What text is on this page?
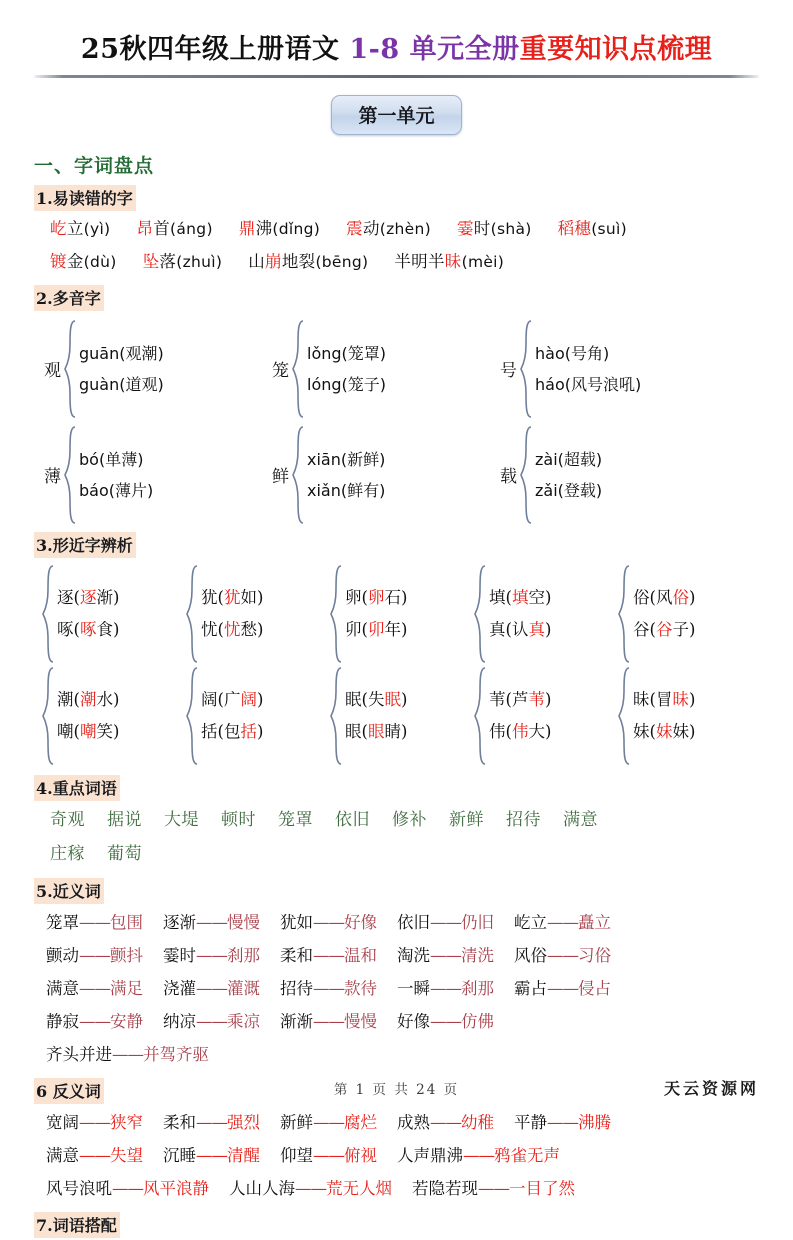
25秋四年级上册语文 1-8 单元全册重要知识点梳理
第一单元
一、字词盘点
1.易读错的字
屹立(yì) 昂首(áng) 鼎沸(dǐng) 震动(zhèn) 霎时(shà) 稻穗(suì)
镀金(dù) 坠落(zhuì) 山崩地裂(bēng) 半明半昧(mèi)
2.多音字
观
guān(观潮)
guàn(道观)
笼
lǒng(笼罩)
lóng(笼子)
号
hào(号角)
háo(风号浪吼)
薄
bó(单薄)
báo(薄片)
鲜
xiān(新鲜)
xiǎn(鲜有)
载
zài(超载)
zǎi(登载)
3.形近字辨析
逐(逐渐)
啄(啄食)
潮(潮水)
嘲(嘲笑)
犹(犹如)
忧(忧愁)
阔(广阔)
括(包括)
卵(卵石)
卯(卯年)
眠(失眠)
眼(眼睛)
填(填空)
真(认真)
苇(芦苇)
伟(伟大)
俗(风俗)
谷(谷子)
昧(冒昧)
妹(妹妹)
4.重点词语
奇观 据说 大堤 顿时 笼罩 依旧 修补 新鲜 招待 满意
庄稼 葡萄
5.近义词
笼罩——包围 逐渐——慢慢 犹如——好像 依旧——仍旧 屹立——矗立
颤动——颤抖 霎时——刹那 柔和——温和 淘洗——清洗 风俗——习俗
满意——满足 浇灌——灌溉 招待——款待 一瞬——刹那 霸占——侵占
静寂——安静 纳凉——乘凉 渐渐——慢慢 好像——仿佛
齐头并进——并驾齐驱
6 反义词
宽阔——狭窄 柔和——强烈 新鲜——腐烂 成熟——幼稚 平静——沸腾
满意——失望 沉睡——清醒 仰望——俯视 人声鼎沸——鸦雀无声
风号浪吼——风平浪静 人山人海——荒无人烟 若隐若现——一目了然
7.词语搭配
第 1 页 共 24 页	天云资源网
